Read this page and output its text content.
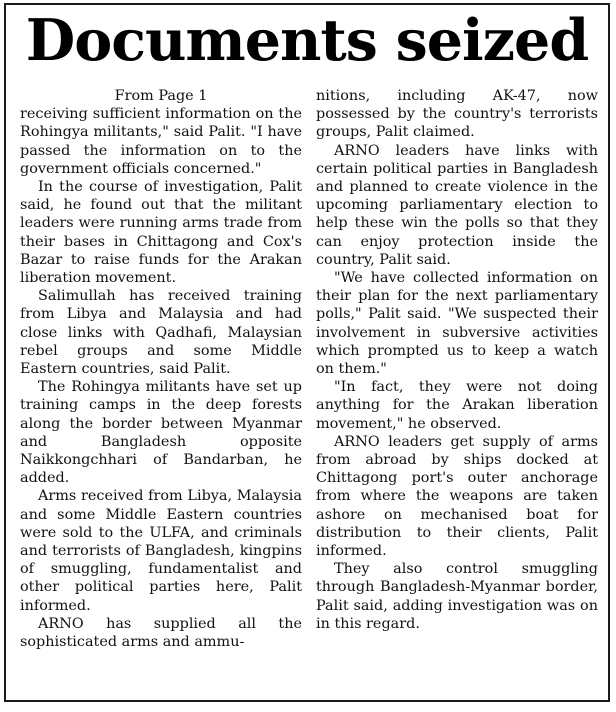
Documents seized
From Page 1

receiving sufficient information on the Rohingya militants," said Palit. "I have passed the information on to the government officials concerned."

In the course of investigation, Palit said, he found out that the militant leaders were running arms trade from their bases in Chittagong and Cox's Bazar to raise funds for the Arakan liberation movement.

Salimullah has received training from Libya and Malaysia and had close links with Qadhafi, Malaysian rebel groups and some Middle Eastern countries, said Palit.

The Rohingya militants have set up training camps in the deep forests along the border between Myanmar and Bangladesh opposite Naikkongchhari of Bandarban, he added.

Arms received from Libya, Malaysia and some Middle Eastern countries were sold to the ULFA, and criminals and terrorists of Bangladesh, kingpins of smuggling, fundamentalist and other political parties here, Palit informed.

ARNO has supplied all the sophisticated arms and ammu-

nitions, including AK-47, now possessed by the country's terrorists groups, Palit claimed.

ARNO leaders have links with certain political parties in Bangladesh and planned to create violence in the upcoming parliamentary election to help these win the polls so that they can enjoy protection inside the country, Palit said.

"We have collected information on their plan for the next parliamentary polls," Palit said. "We suspected their involvement in subversive activities which prompted us to keep a watch on them."

"In fact, they were not doing anything for the Arakan liberation movement," he observed.

ARNO leaders get supply of arms from abroad by ships docked at Chittagong port's outer anchorage from where the weapons are taken ashore on mechanised boat for distribution to their clients, Palit informed.

They also control smuggling through Bangladesh-Myanmar border, Palit said, adding investigation was on in this regard.
